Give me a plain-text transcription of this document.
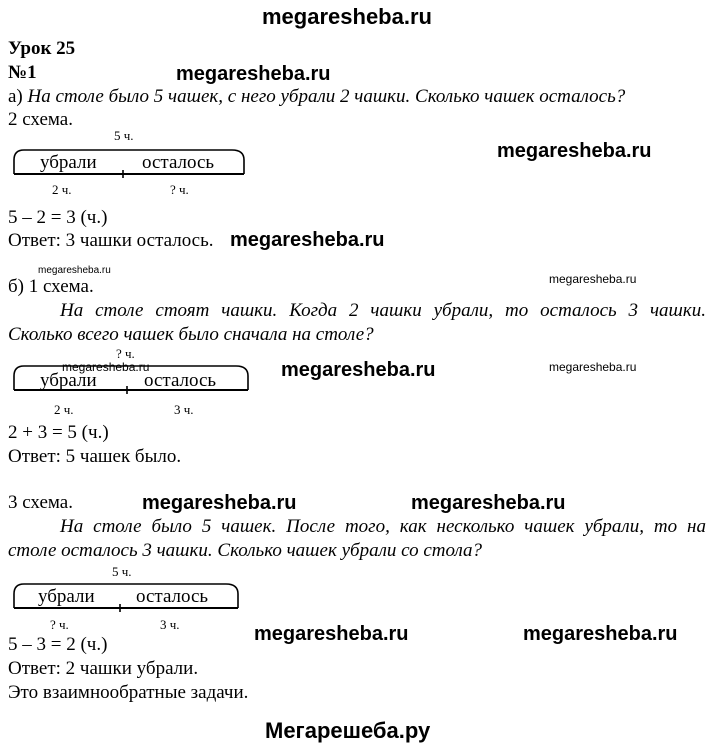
megaresheba.ru
Урок 25
№1	megaresheba.ru
а) На столе было 5 чашек, с него убрали 2 чашки. Сколько чашек осталось?
2 схема.
5 ч.
убрали осталось
2 ч.	? ч.
megaresheba.ru
5 – 2 = 3 (ч.)
Ответ: 3 чашки осталось. megaresheba.ru
megaresheba.ru
megaresheba.ru
б) 1 схема.
На столе стоят чашки. Когда 2 чашки убрали, то осталось 3 чашки.
Сколько всего чашек было сначала на столе?
? ч.
megaresheba.ru
убрали осталось
2 ч.	3 ч.
megaresheba.ru	megaresheba.ru
2 + 3 = 5 (ч.)
Ответ: 5 чашек было.
3 схема.	megaresheba.ru	megaresheba.ru
На столе было 5 чашек. После того, как несколько чашек убрали, то на
столе осталось 3 чашки. Сколько чашек убрали со стола?
5 ч.
убрали осталось
? ч.	3 ч.	megaresheba.ru	megaresheba.ru
5 – 3 = 2 (ч.)
Ответ: 2 чашки убрали.
Это взаимнообратные задачи.
Мегарешеба.ру
